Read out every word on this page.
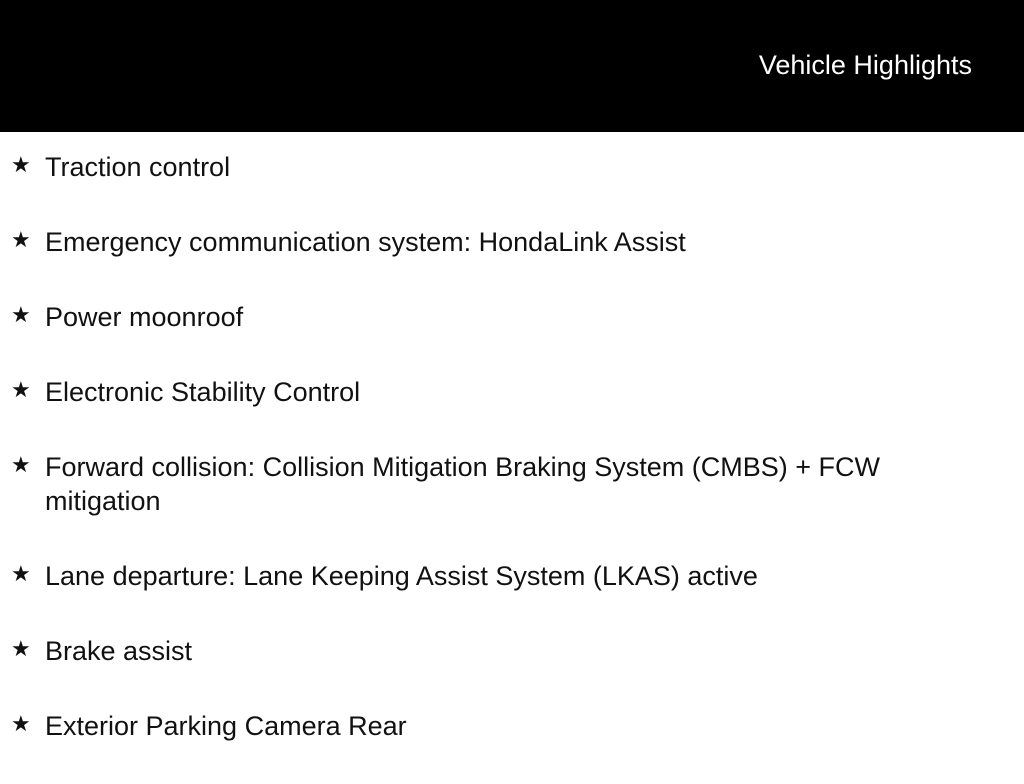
Vehicle Highlights
★ Traction control
★ Emergency communication system: HondaLink Assist
★ Power moonroof
★ Electronic Stability Control
★ Forward collision: Collision Mitigation Braking System (CMBS) + FCW mitigation
★ Lane departure: Lane Keeping Assist System (LKAS) active
★ Brake assist
★ Exterior Parking Camera Rear
